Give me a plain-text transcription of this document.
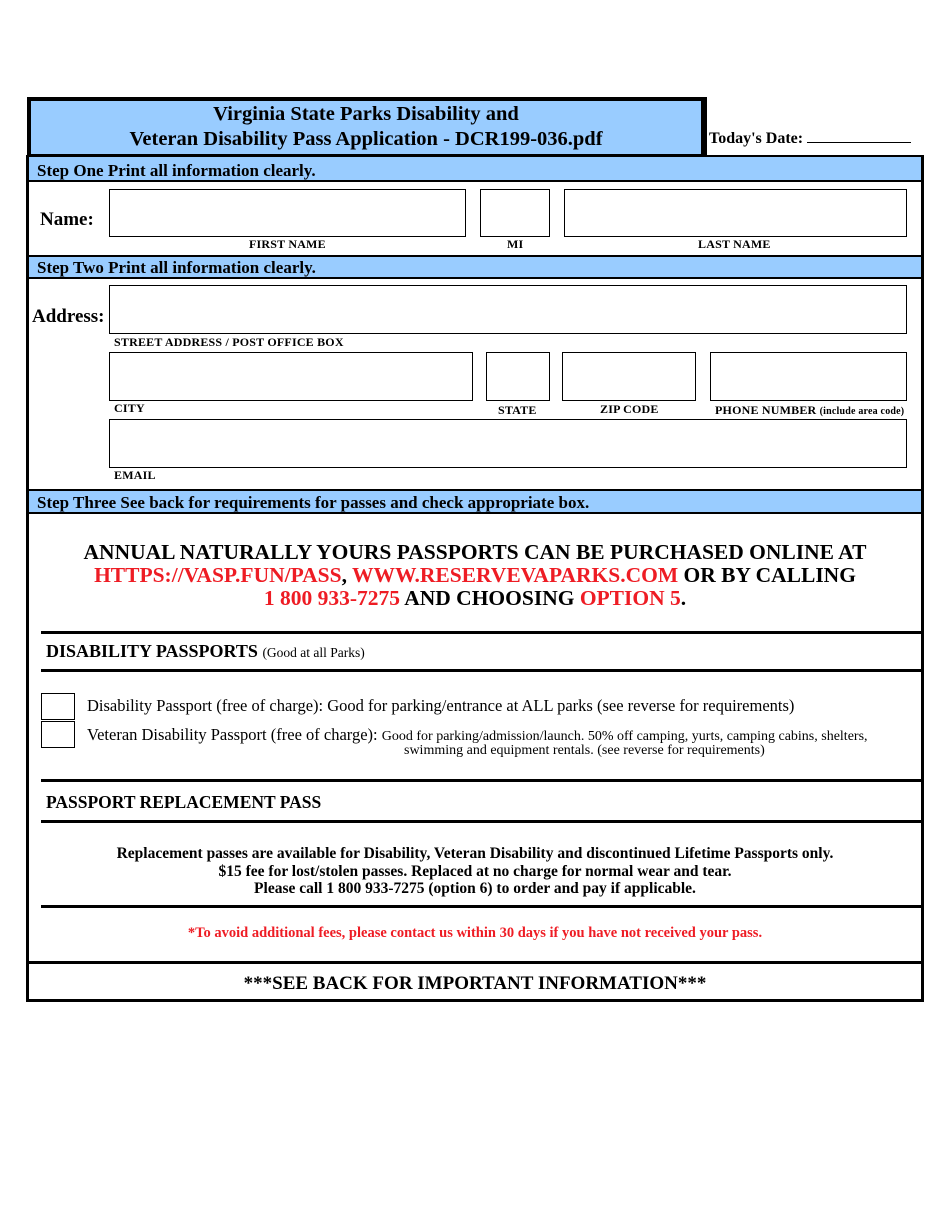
Virginia State Parks Disability and
Veteran Disability Pass Application - DCR199-036.pdf	Today's Date:
Step One Print all information clearly.
Name:
FIRST NAME	MI	LAST NAME
Step Two Print all information clearly.
Address:
STREET ADDRESS / POST OFFICE BOX
CITY	STATE	ZIP CODE	PHONE NUMBER (include area code)
EMAIL
Step Three See back for requirements for passes and check appropriate box.
ANNUAL NATURALLY YOURS PASSPORTS CAN BE PURCHASED ONLINE AT
HTTPS://VASP.FUN/PASS, WWW.RESERVEVAPARKS.COM OR BY CALLING
1 800 933-7275 AND CHOOSING OPTION 5.
DISABILITY PASSPORTS (Good at all Parks)
Disability Passport (free of charge): Good for parking/entrance at ALL parks (see reverse for requirements)
Veteran Disability Passport (free of charge): Good for parking/admission/launch. 50% off camping, yurts, camping cabins, shelters,
swimming and equipment rentals. (see reverse for requirements)
PASSPORT REPLACEMENT PASS
Replacement passes are available for Disability, Veteran Disability and discontinued Lifetime Passports only.
$15 fee for lost/stolen passes. Replaced at no charge for normal wear and tear.
Please call 1 800 933-7275 (option 6) to order and pay if applicable.
*To avoid additional fees, please contact us within 30 days if you have not received your pass.
***SEE BACK FOR IMPORTANT INFORMATION***
